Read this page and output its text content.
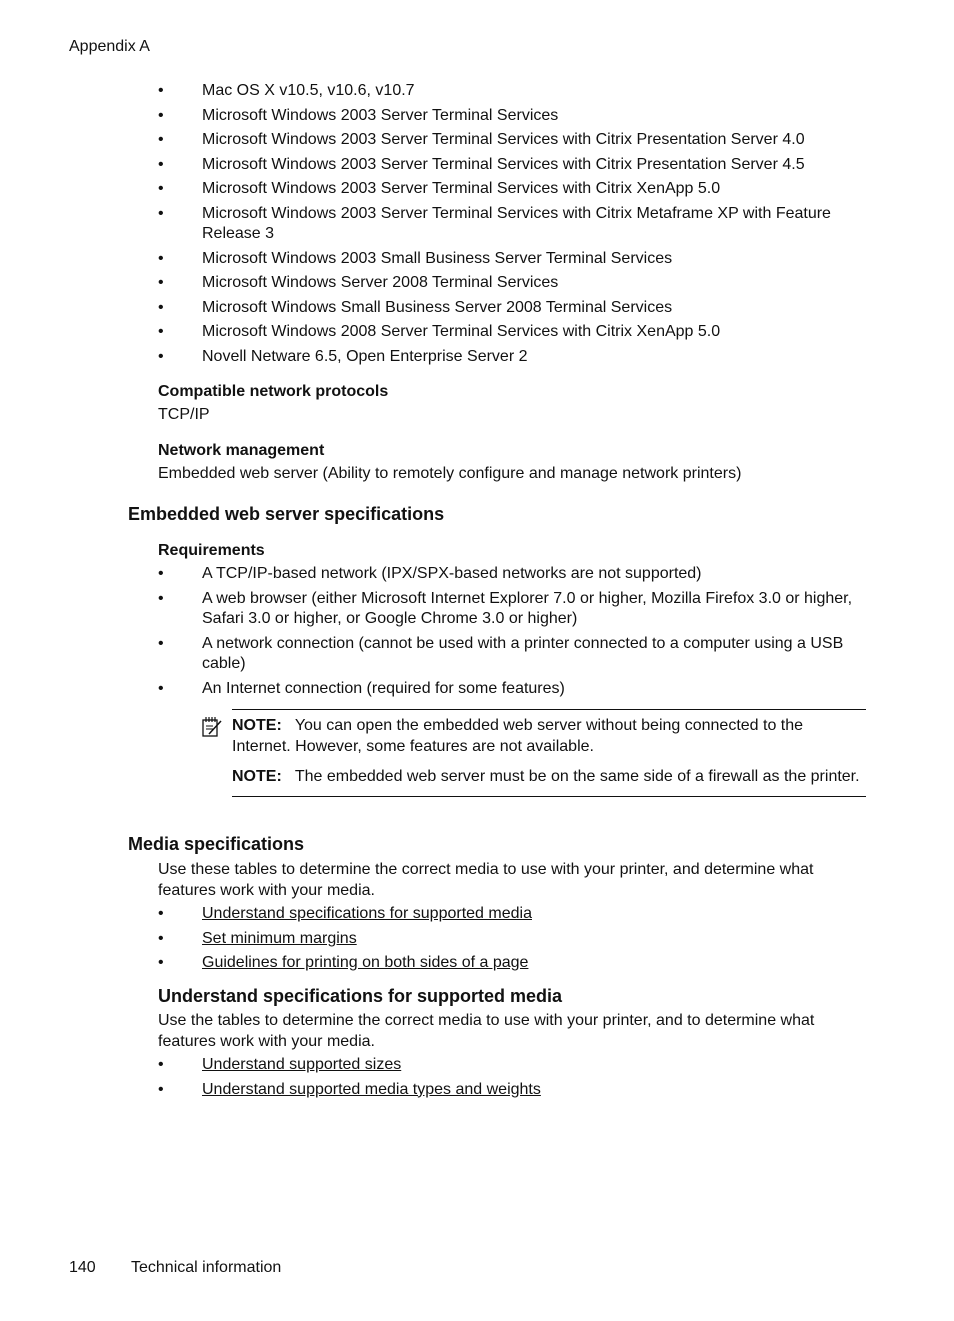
Appendix A
• Mac OS X v10.5, v10.6, v10.7
• Microsoft Windows 2003 Server Terminal Services
• Microsoft Windows 2003 Server Terminal Services with Citrix Presentation Server 4.0
• Microsoft Windows 2003 Server Terminal Services with Citrix Presentation Server 4.5
• Microsoft Windows 2003 Server Terminal Services with Citrix XenApp 5.0
• Microsoft Windows 2003 Server Terminal Services with Citrix Metaframe XP with Feature Release 3
• Microsoft Windows 2003 Small Business Server Terminal Services
• Microsoft Windows Server 2008 Terminal Services
• Microsoft Windows Small Business Server 2008 Terminal Services
• Microsoft Windows 2008 Server Terminal Services with Citrix XenApp 5.0
• Novell Netware 6.5, Open Enterprise Server 2
Compatible network protocols
TCP/IP
Network management
Embedded web server (Ability to remotely configure and manage network printers)
Embedded web server specifications
Requirements
• A TCP/IP-based network (IPX/SPX-based networks are not supported)
• A web browser (either Microsoft Internet Explorer 7.0 or higher, Mozilla Firefox 3.0 or higher, Safari 3.0 or higher, or Google Chrome 3.0 or higher)
• A network connection (cannot be used with a printer connected to a computer using a USB cable)
• An Internet connection (required for some features)
NOTE: You can open the embedded web server without being connected to the Internet. However, some features are not available.
NOTE: The embedded web server must be on the same side of a firewall as the printer.
Media specifications
Use these tables to determine the correct media to use with your printer, and determine what features work with your media.
• Understand specifications for supported media
• Set minimum margins
• Guidelines for printing on both sides of a page
Understand specifications for supported media
Use the tables to determine the correct media to use with your printer, and to determine what features work with your media.
• Understand supported sizes
• Understand supported media types and weights
140 Technical information
